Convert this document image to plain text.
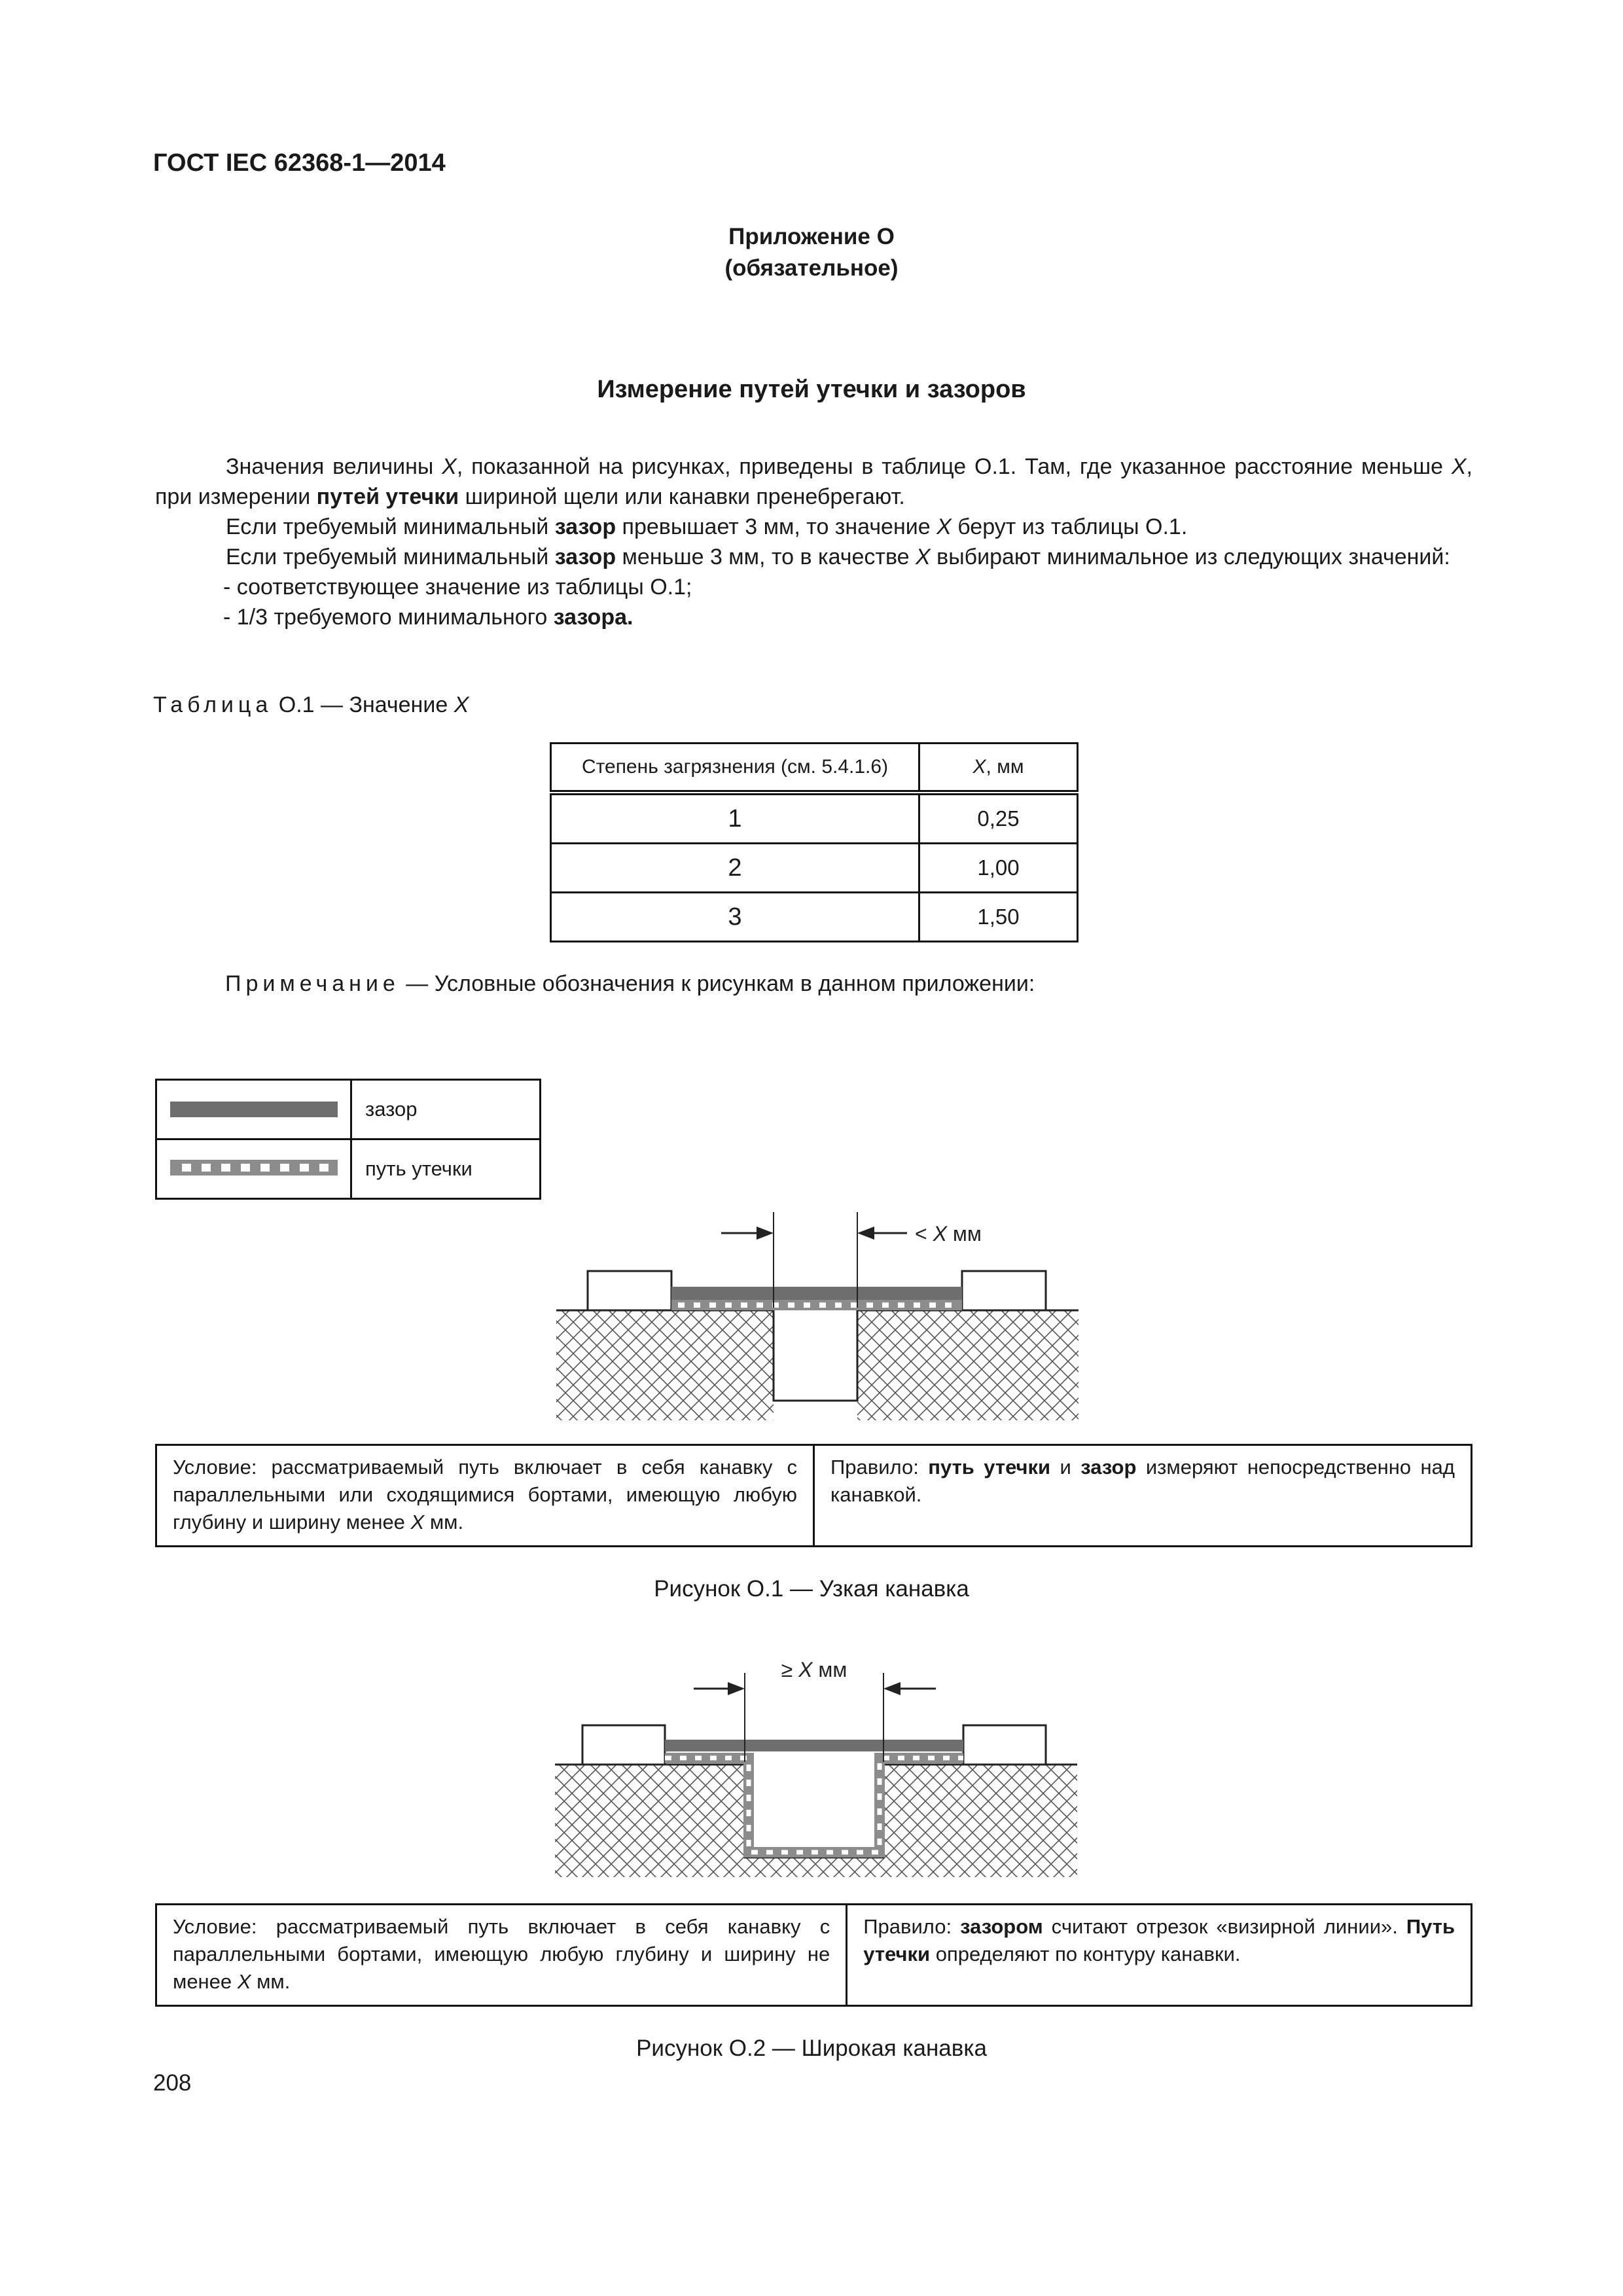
ГОСТ IEC 62368-1—2014
Приложение О
(обязательное)
Измерение путей утечки и зазоров

Значения величины X, показанной на рисунках, приведены в таблице О.1. Там, где указанное расстояние меньше X, при измерении путей утечки шириной щели или канавки пренебрегают.

Если требуемый минимальный зазор превышает 3 мм, то значение X берут из таблицы О.1.

Если требуемый минимальный зазор меньше 3 мм, то в качестве X выбирают минимальное из следующих значений:

- соответствующее значение из таблицы О.1;

- 1/3 требуемого минимального зазора.

Таблица О.1 — Значение X
Степень загрязнения (см. 5.4.1.6)	X, мм
1	0,25
2	1,00
3	1,50
Примечание — Условные обозначения к рисункам в данном приложении:
	зазор
	путь утечки
< X мм
Условие: рассматриваемый путь включает в себя канавку с параллельными или сходящимися бортами, имеющую любую глубину и ширину менее X мм.	Правило: путь утечки и зазор измеряют непосредственно над канавкой.
Рисунок О.1 — Узкая канавка
≥ X мм
Условие: рассматриваемый путь включает в себя канавку с параллельными бортами, имеющую любую глубину и ширину не менее X мм.	Правило: зазором считают отрезок «визирной линии». Путь утечки определяют по контуру канавки.
Рисунок О.2 — Широкая канавка
208
